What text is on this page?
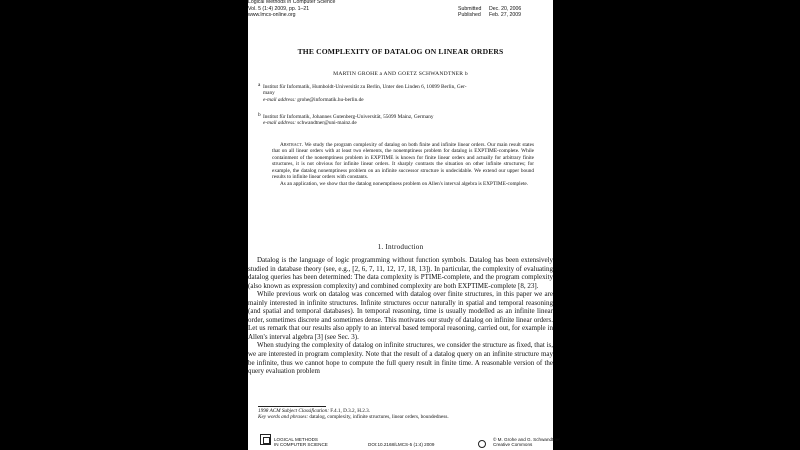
Logical Methods in Computer Science
Vol. 5 (1:4) 2009, pp. 1–21
www.lmcs-online.org
Submitted Dec. 20, 2006
Published Feb. 27, 2009
THE COMPLEXITY OF DATALOG ON LINEAR ORDERS
MARTIN GROHE a AND GOETZ SCHWANDTNER b
a Institut für Informatik, Humboldt-Universität zu Berlin, Unter den Linden 6, 10099 Berlin, Ger-
many
e-mail address: grohe@informatik.hu-berlin.de
b Institut für Informatik, Johannes Gutenberg-Universität, 55099 Mainz, Germany
e-mail address: schwandtner@uni-mainz.de
Abstract. We study the program complexity of datalog on both finite and infinite linear orders. Our main result states that on all linear orders with at least two elements, the nonemptiness problem for datalog is EXPTIME-complete. While containment of the nonemptiness problem in EXPTIME is known for finite linear orders and actually for arbitrary finite structures, it is not obvious for infinite linear orders. It sharply contrasts the situation on other infinite structures; for example, the datalog nonemptiness problem on an infinite successor structure is undecidable. We extend our upper bound results to infinite linear orders with constants.
As an application, we show that the datalog nonemptiness problem on Allen's interval algebra is EXPTIME-complete.
1. Introduction
Datalog is the language of logic programming without function symbols. Datalog has been extensively studied in database theory (see, e.g., [2, 6, 7, 11, 12, 17, 18, 13]). In particular, the complexity of evaluating datalog queries has been determined: The data complexity is PTIME-complete, and the program complexity (also known as expression complexity) and combined complexity are both EXPTIME-complete [8, 23].
While previous work on datalog was concerned with datalog over finite structures, in this paper we are mainly interested in infinite structures. Infinite structures occur naturally in spatial and temporal reasoning (and spatial and temporal databases). In temporal reasoning, time is usually modelled as an infinite linear order, sometimes discrete and sometimes dense. This motivates our study of datalog on infinite linear orders. Let us remark that our results also apply to an interval based temporal reasoning, carried out, for example in Allen's interval algebra [3] (see Sec. 3).
When studying the complexity of datalog on infinite structures, we consider the structure as fixed, that is, we are interested in program complexity. Note that the result of a datalog query on an infinite structure may be infinite, thus we cannot hope to compute the full query result in finite time. A reasonable version of the query evaluation problem
1998 ACM Subject Classification: F.4.1, D.3.2, H.2.3.
Key words and phrases: datalog, complexity, infinite structures, linear orders, boundedness.
LOGICAL METHODS
IN COMPUTER SCIENCE	DOI:10.2168/LMCS-5 (1:4) 2009
© M. Grohe and G. Schwandtner
Creative Commons
